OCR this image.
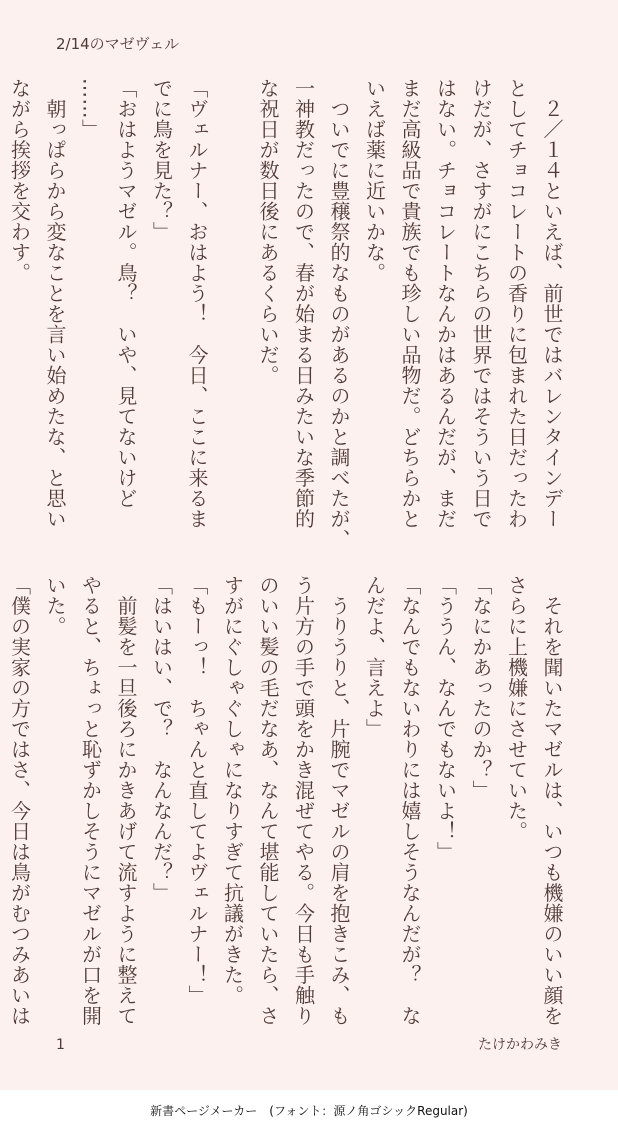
2/14のマゼヴェル
　２／１４といえば、前世ではバレンタインデー
としてチョコレートの香りに包まれた日だったわ
けだが、さすがにこちらの世界ではそういう日で
はない。チョコレートなんかはあるんだが、まだ
まだ高級品で貴族でも珍しい品物だ。どちらかと
いえば薬に近いかな。
　ついでに豊穣祭的なものがあるのかと調べたが、
一神教だったので、春が始まる日みたいな季節的
な祝日が数日後にあるくらいだ。
「ヴェルナー、おはよう！　今日、ここに来るま
でに鳥を見た？」
「おはようマゼル。鳥？　いや、見てないけど
……」
　朝っぱらから変なことを言い始めたな、と思い
ながら挨拶を交わす。
　それを聞いたマゼルは、いつも機嫌のいい顔を
さらに上機嫌にさせていた。
「なにかあったのか？」
「ううん、なんでもないよ！」
「なんでもないわりには嬉しそうなんだが？　な
んだよ、言えよ」
　うりうりと、片腕でマゼルの肩を抱きこみ、も
う片方の手で頭をかき混ぜてやる。今日も手触り
のいい髪の毛だなあ、なんて堪能していたら、さ
すがにぐしゃぐしゃになりすぎて抗議がきた。
「もーっ！　ちゃんと直してよヴェルナー！」
「はいはい、で？　なんなんだ？」
　前髪を一旦後ろにかきあげて流すように整えて
やると、ちょっと恥ずかしそうにマゼルが口を開
いた。
「僕の実家の方ではさ、今日は鳥がむつみあいは
1	たけかわみき
新書ページメーカー　(フォント：源ノ角ゴシックRegular)
